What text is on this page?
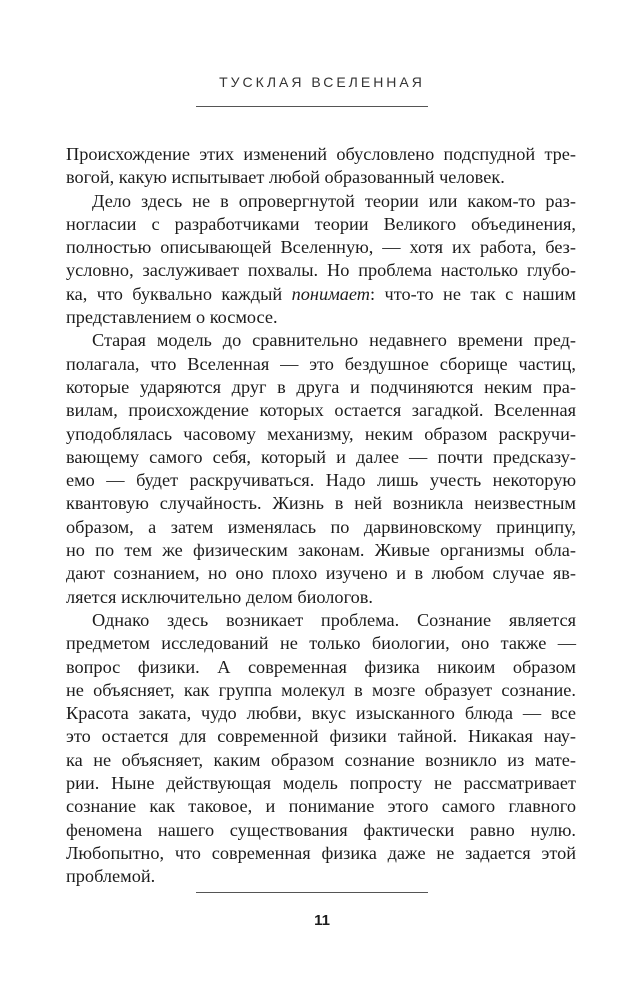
ТУСКЛАЯ ВСЕЛЕННАЯ
Происхождение этих изменений обусловлено подспудной тре-
вогой, какую испытывает любой образованный человек.
Дело здесь не в опровергнутой теории или каком-то раз-
ногласии с разработчиками теории Великого объединения,
полностью описывающей Вселенную, — хотя их работа, без-
условно, заслуживает похвалы. Но проблема настолько глубо-
ка, что буквально каждый понимает: что-то не так с нашим
представлением о космосе.
Старая модель до сравнительно недавнего времени пред-
полагала, что Вселенная — это бездушное сборище частиц,
которые ударяются друг в друга и подчиняются неким пра-
вилам, происхождение которых остается загадкой. Вселенная
уподоблялась часовому механизму, неким образом раскручи-
вающему самого себя, который и далее — почти предсказу-
емо — будет раскручиваться. Надо лишь учесть некоторую
квантовую случайность. Жизнь в ней возникла неизвестным
образом, а затем изменялась по дарвиновскому принципу,
но по тем же физическим законам. Живые организмы обла-
дают сознанием, но оно плохо изучено и в любом случае яв-
ляется исключительно делом биологов.
Однако здесь возникает проблема. Сознание является
предметом исследований не только биологии, оно также —
вопрос физики. А современная физика никоим образом
не объясняет, как группа молекул в мозге образует сознание.
Красота заката, чудо любви, вкус изысканного блюда — все
это остается для современной физики тайной. Никакая нау-
ка не объясняет, каким образом сознание возникло из мате-
рии. Ныне действующая модель попросту не рассматривает
сознание как таковое, и понимание этого самого главного
феномена нашего существования фактически равно нулю.
Любопытно, что современная физика даже не задается этой
проблемой.
11
